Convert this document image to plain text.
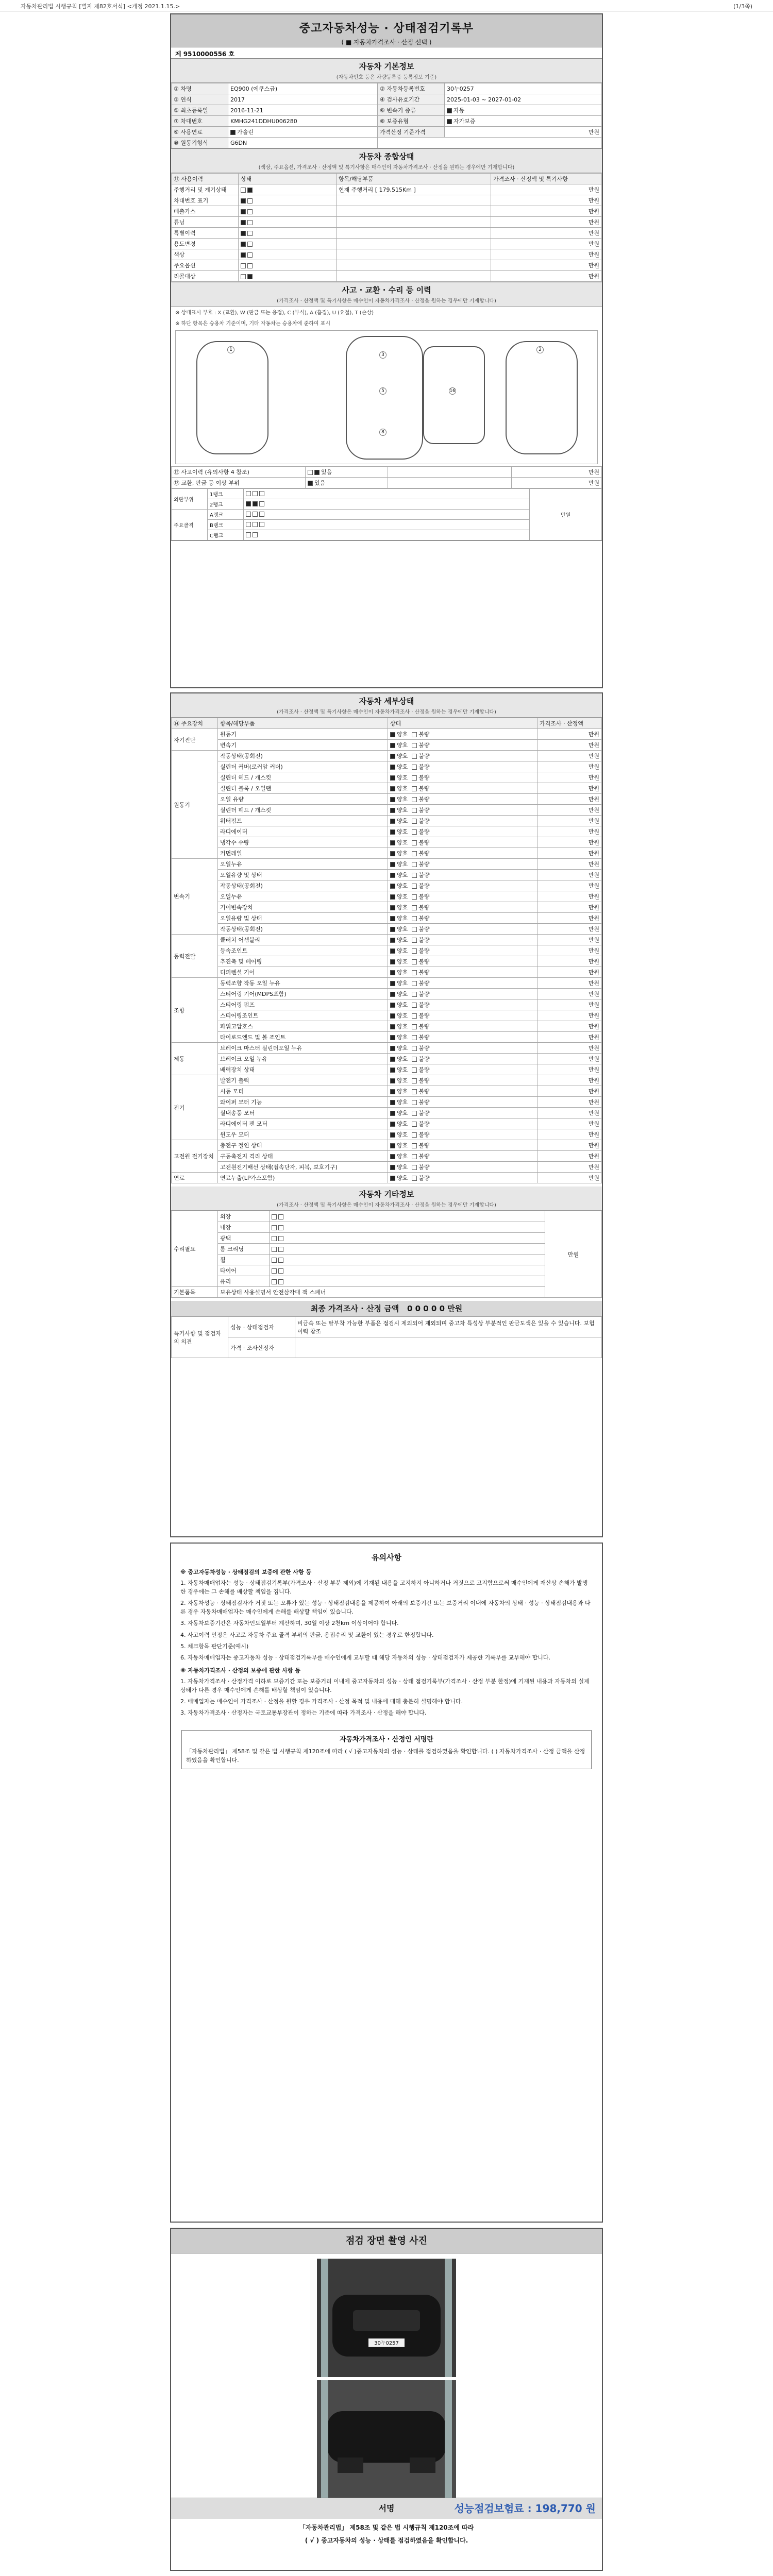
자동차관리법 시행규칙 [별지 제82호서식] <개정 2021.1.15.>	(1/3쪽)
중고자동차성능 · 상태점검기록부
( ■ 자동차가격조사 · 산정 선택 )
제 9510000556 호
자동차 기본정보
(자동차번호 등은 차량등록증 등록정보 기준)
① 차명	EQ900 (에쿠스급)	② 자동차등록번호	30누0257
③ 연식	2017	④ 검사유효기간	2025-01-03 ~ 2027-01-02
⑤ 최초등록일	2016-11-21	⑥ 변속기 종류	자동
⑦ 차대번호	KMHG241DDHU006280	⑧ 보증유형	자가보증
⑨ 사용연료	가솔린	가격산정 기준가격	만원
⑩ 원동기형식	G6DN		
자동차 종합상태
(색상, 주요옵션, 가격조사 · 산정액 및 특기사항은 매수인이 자동차가격조사 · 산정을 원하는 경우에만 기재합니다)
⑪ 사용이력	상태	항목/해당부품	가격조사 · 산정액 및 특기사항
주행거리 및 계기상태		현재 주행거리 [ 179,515Km ]	만원
차대번호 표기			만원
배출가스			만원
튜닝			만원
특별이력			만원
용도변경			만원
색상			만원
주요옵션			만원
리콜대상			만원
사고 · 교환 · 수리 등 이력
(가격조사 · 산정액 및 특기사항은 매수인이 자동차가격조사 · 산정을 원하는 경우에만 기재합니다)
※ 상태표시 부호 : X (교환), W (판금 또는 용접), C (부식), A (흠집), U (요철), T (손상)
※ 하단 항목은 승용차 기준이며, 기타 자동차는 승용차에 준하여 표시
1
3
5
8
16
2
⑫ 사고이력 (유의사항 4 참조)	있음		만원
⑬ 교환, 판금 등 이상 부위	있음		만원
외판부위	1랭크		만원
	2랭크		
주요골격	A랭크		
	B랭크		
	C랭크		
자동차 세부상태
(가격조사 · 산정액 및 특기사항은 매수인이 자동차가격조사 · 산정을 원하는 경우에만 기재합니다)
⑭ 주요장치	항목/해당부품	상태	가격조사 · 산정액
자기진단	원동기	양호 불량	만원
	변속기	양호 불량	만원
원동기	작동상태(공회전)	양호 불량	만원
	실린더 커버(로커암 커버)	양호 불량	만원
	실린더 헤드 / 개스킷	양호 불량	만원
	실린더 블록 / 오일팬	양호 불량	만원
	오일 유량	양호 불량	만원
	실린더 헤드 / 개스킷	양호 불량	만원
	워터펌프	양호 불량	만원
	라디에이터	양호 불량	만원
	냉각수 수량	양호 불량	만원
	커먼레일	양호 불량	만원
변속기	오일누유	양호 불량	만원
	오일유량 및 상태	양호 불량	만원
	작동상태(공회전)	양호 불량	만원
	오일누유	양호 불량	만원
	기어변속장치	양호 불량	만원
	오일유량 및 상태	양호 불량	만원
	작동상태(공회전)	양호 불량	만원
동력전달	클러치 어셈블리	양호 불량	만원
	등속조인트	양호 불량	만원
	추진축 및 베어링	양호 불량	만원
	디퍼렌셜 기어	양호 불량	만원
조향	동력조향 작동 오일 누유	양호 불량	만원
	스티어링 기어(MDPS포함)	양호 불량	만원
	스티어링 펌프	양호 불량	만원
	스티어링조인트	양호 불량	만원
	파워고압호스	양호 불량	만원
	타이로드엔드 및 볼 조인트	양호 불량	만원
제동	브레이크 마스터 실린더오일 누유	양호 불량	만원
	브레이크 오일 누유	양호 불량	만원
	배력장치 상태	양호 불량	만원
전기	발전기 출력	양호 불량	만원
	시동 모터	양호 불량	만원
	와이퍼 모터 기능	양호 불량	만원
	실내송풍 모터	양호 불량	만원
	라디에이터 팬 모터	양호 불량	만원
	윈도우 모터	양호 불량	만원
고전원 전기장치	충전구 절연 상태	양호 불량	만원
	구동축전지 격리 상태	양호 불량	만원
	고전원전기배선 상태(접속단자, 피복, 보호기구)	양호 불량	만원
연료	연료누출(LP가스포함)	양호 불량	만원
자동차 기타정보
(가격조사 · 산정액 및 특기사항은 매수인이 자동차가격조사 · 산정을 원하는 경우에만 기재합니다)
수리필요	외장		만원
	내장		
	광택		
	룸 크리닝		
	휠		
	타이어		
	유리		
기본품목	보유상태 사용설명서 안전삼각대 잭 스패너		
최종 가격조사 · 산정 금액 0 0 0 0 0 만원
특기사항 및 점검자의 의견	성능 · 상태점검자	비금속 또는 탈부착 가능한 부품은 점검시 제외되어 제외되며 중고차 특성상 부분적인 판금도색은 있을 수 있습니다. 보험이력 참조
	가격 · 조사산정자	
유의사항
※ 중고자동차성능 · 상태점검의 보증에 관한 사항 등

1. 자동차매매업자는 성능 · 상태점검기록부(가격조사 · 산정 부분 제외)에 기재된 내용을 고지하지 아니하거나 거짓으로 고지함으로써 매수인에게 재산상 손해가 발생한 경우에는 그 손해를 배상할 책임을 집니다.

2. 자동차성능 · 상태점검자가 거짓 또는 오류가 있는 성능 · 상태점검내용을 제공하여 아래의 보증기간 또는 보증거리 이내에 자동차의 상태 · 성능 · 상태점검내용과 다른 경우 자동차매매업자는 매수인에게 손해를 배상할 책임이 있습니다.

3. 자동차보증기간은 자동차인도일부터 계산하며, 30일 이상 2천km 이상이어야 합니다.

4. 사고이력 인정은 사고로 자동차 주요 골격 부위의 판금, 용접수리 및 교환이 있는 경우로 한정합니다.

5. 체크항목 판단기준(예시)

6. 자동차매매업자는 중고자동차 성능 · 상태점검기록부를 매수인에게 교부할 때 해당 자동차의 성능 · 상태점검자가 제공한 기록부를 교부해야 합니다.

※ 자동차가격조사 · 산정의 보증에 관한 사항 등

1. 자동차가격조사 · 산정가격 이하로 보증기간 또는 보증거리 이내에 중고자동차의 성능 · 상태 점검기록부(가격조사 · 산정 부분 한정)에 기재된 내용과 자동차의 실제 상태가 다른 경우 매수인에게 손해를 배상할 책임이 있습니다.

2. 매매업자는 매수인이 가격조사 · 산정을 원할 경우 가격조사 · 산정 목적 및 내용에 대해 충분히 설명해야 합니다.

3. 자동차가격조사 · 산정자는 국토교통부장관이 정하는 기준에 따라 가격조사 · 산정을 해야 합니다.

자동차가격조사 · 산정인 서명란
「자동차관리법」 제58조 및 같은 법 시행규칙 제120조에 따라 ( √ )중고자동차의 성능 · 상태를 점검하였음을 확인합니다. ( ) 자동차가격조사 · 산정 금액을 산정하였음을 확인합니다.
점검 장면 촬영 사진
30누0257
서명	성능점검보험료 : 198,770 원
「자동차관리법」 제58조 및 같은 법 시행규칙 제120조에 따라
( √ ) 중고자동차의 성능 · 상태를 점검하였음을 확인합니다.
